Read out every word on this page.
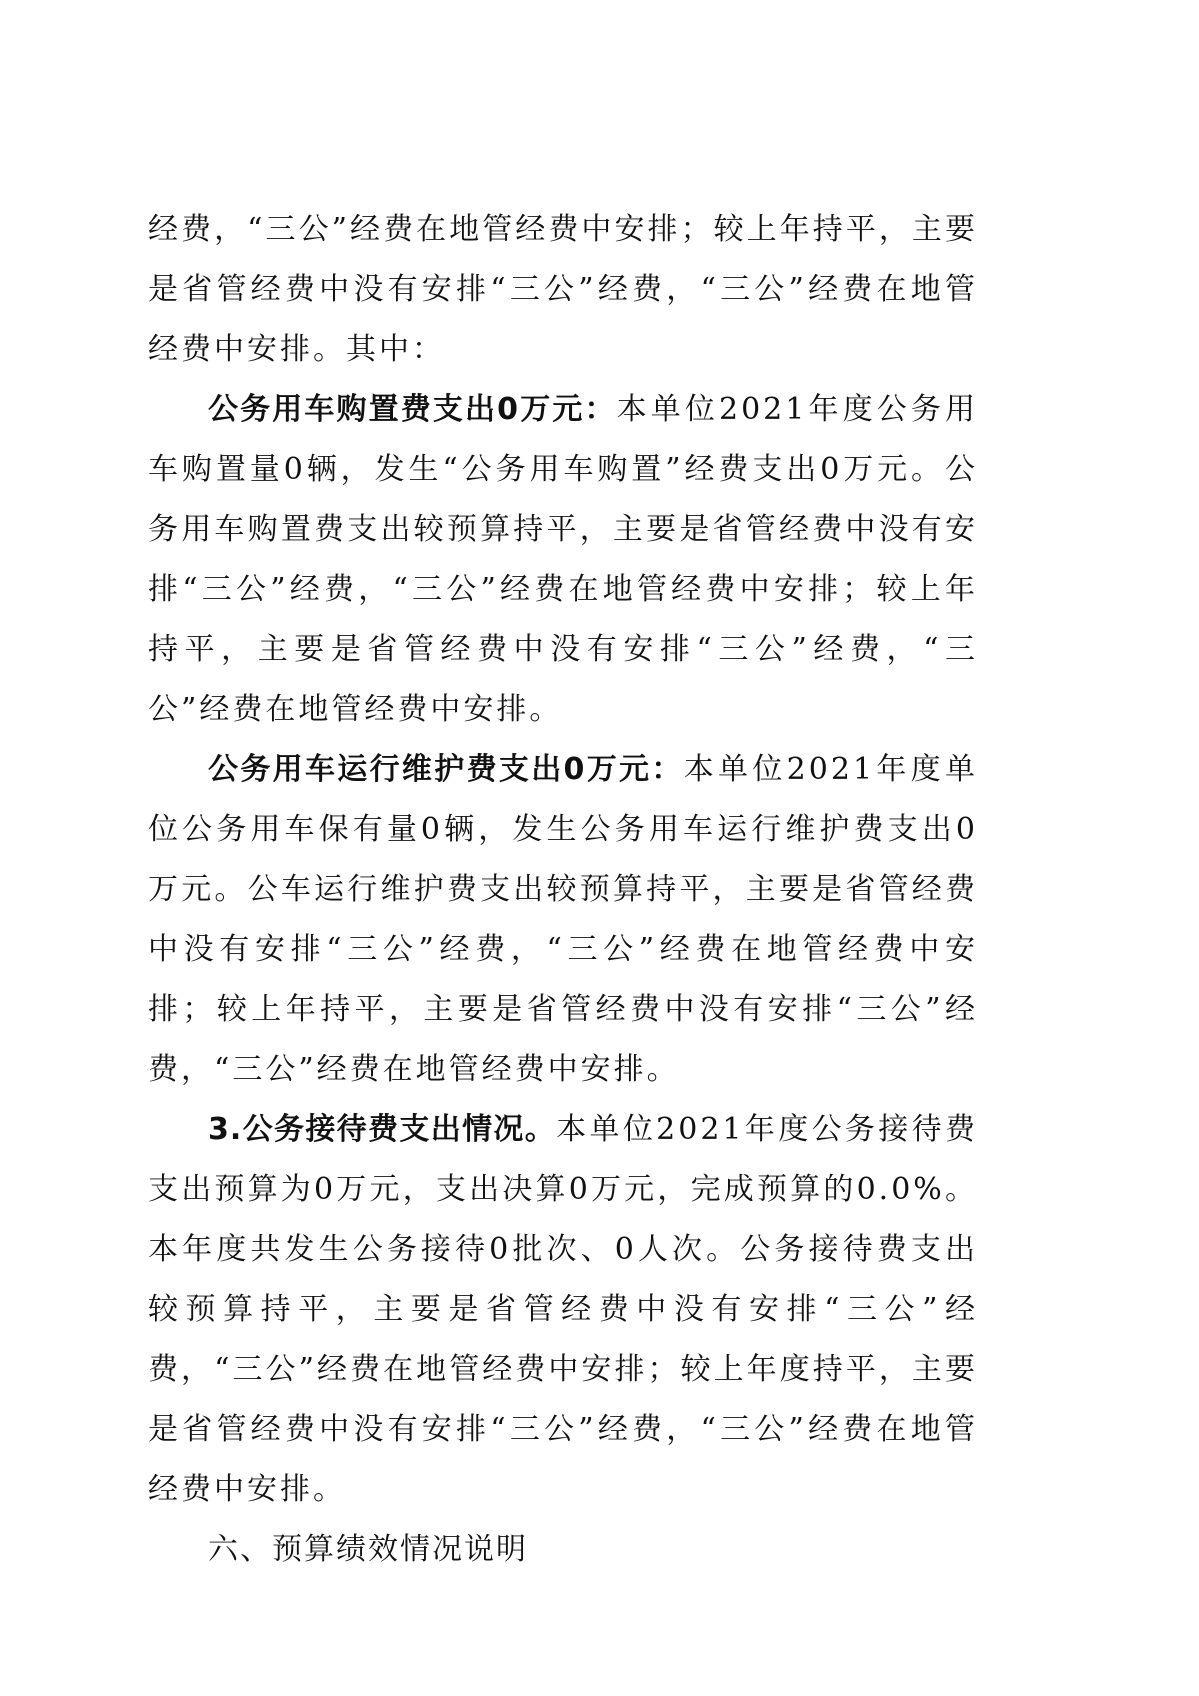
经费，“三公”经费在地管经费中安排；较上年持平，主要是省管经费中没有安排“三公”经费，“三公”经费在地管经费中安排。其中：

公务用车购置费支出0万元：本单位2021年度公务用车购置量0辆，发生“公务用车购置”经费支出0万元。公务用车购置费支出较预算持平，主要是省管经费中没有安排“三公”经费，“三公”经费在地管经费中安排；较上年持平，主要是省管经费中没有安排“三公”经费，“三公”经费在地管经费中安排。

公务用车运行维护费支出0万元：本单位2021年度单位公务用车保有量0辆，发生公务用车运行维护费支出0万元。公车运行维护费支出较预算持平，主要是省管经费中没有安排“三公”经费，“三公”经费在地管经费中安排；较上年持平，主要是省管经费中没有安排“三公”经费，“三公”经费在地管经费中安排。

3.公务接待费支出情况。本单位2021年度公务接待费支出预算为0万元，支出决算0万元，完成预算的0.0%。本年度共发生公务接待0批次、0人次。公务接待费支出较预算持平，主要是省管经费中没有安排“三公”经费，“三公”经费在地管经费中安排；较上年度持平，主要是省管经费中没有安排“三公”经费，“三公”经费在地管经费中安排。

六、预算绩效情况说明
